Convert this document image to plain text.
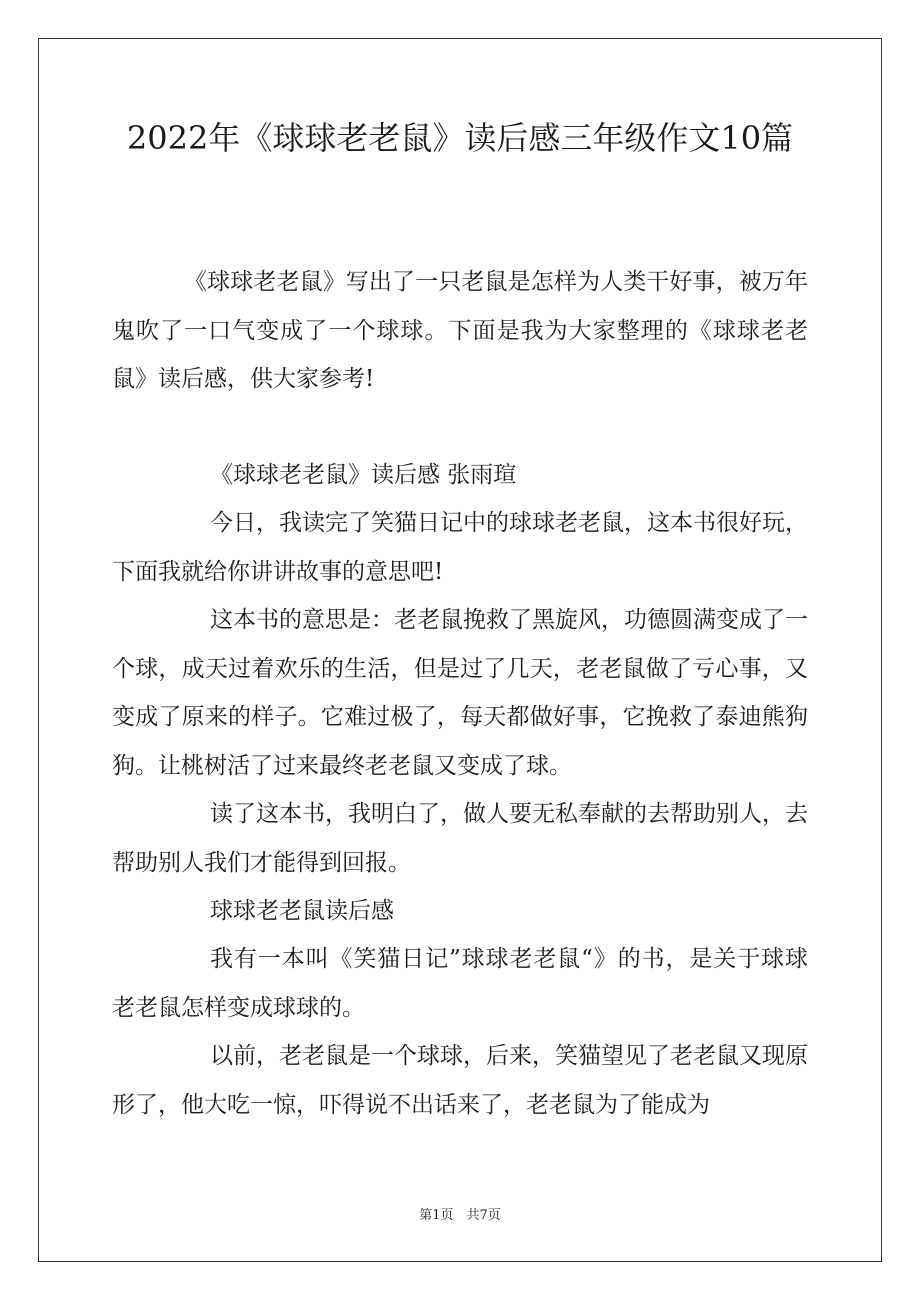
2022年《球球老老鼠》读后感三年级作文10篇

《球球老老鼠》写出了一只老鼠是怎样为人类干好事，被万年鬼吹了一口气变成了一个球球。下面是我为大家整理的《球球老老鼠》读后感，供大家参考!

《球球老老鼠》读后感 张雨瑄

今日，我读完了笑猫日记中的球球老老鼠，这本书很好玩，下面我就给你讲讲故事的意思吧!

这本书的意思是：老老鼠挽救了黑旋风，功德圆满变成了一个球，成天过着欢乐的生活，但是过了几天，老老鼠做了亏心事，又变成了原来的样子。它难过极了，每天都做好事，它挽救了泰迪熊狗狗。让桃树活了过来最终老老鼠又变成了球。

读了这本书，我明白了，做人要无私奉献的去帮助别人，去帮助别人我们才能得到回报。

球球老老鼠读后感

我有一本叫《笑猫日记”球球老老鼠“》的书，是关于球球老老鼠怎样变成球球的。

以前，老老鼠是一个球球，后来，笑猫望见了老老鼠又现原形了，他大吃一惊，吓得说不出话来了，老老鼠为了能成为

第1页　共7页
